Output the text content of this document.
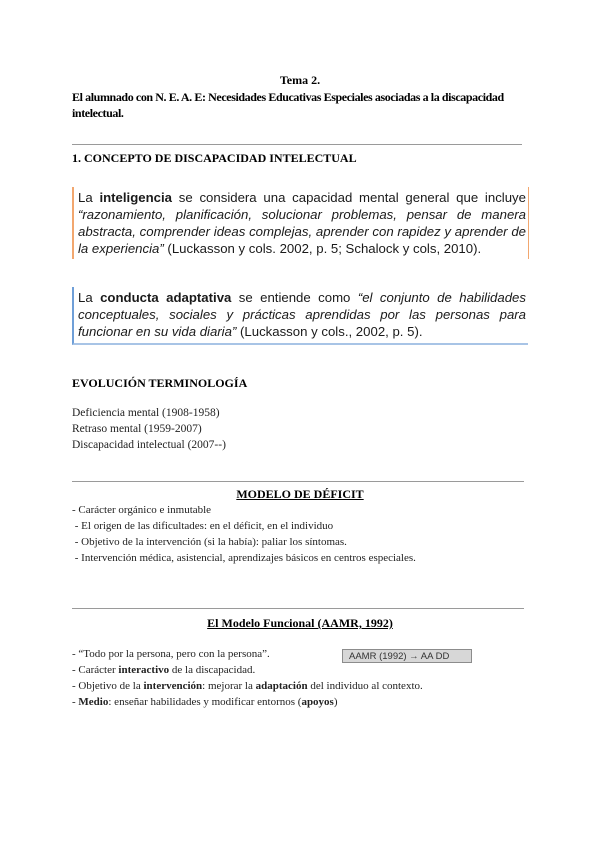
Tema 2.
El alumnado con N. E. A. E: Necesidades Educativas Especiales asociadas a la discapacidad intelectual.
1. CONCEPTO DE DISCAPACIDAD INTELECTUAL
La inteligencia se considera una capacidad mental general que incluye “razonamiento, planificación, solucionar problemas, pensar de manera abstracta, comprender ideas complejas, aprender con rapidez y aprender de la experiencia” (Luckasson y cols. 2002, p. 5; Schalock y cols, 2010).
La conducta adaptativa se entiende como “el conjunto de habilidades conceptuales, sociales y prácticas aprendidas por las personas para funcionar en su vida diaria” (Luckasson y cols., 2002, p. 5).
EVOLUCIÓN TERMINOLOGÍA
Deficiencia mental (1908-1958)
Retraso mental (1959-2007)
Discapacidad intelectual (2007--)
MODELO DE DÉFICIT
- Carácter orgánico e inmutable
- El origen de las dificultades: en el déficit, en el individuo
- Objetivo de la intervención (si la había): paliar los síntomas.
- Intervención médica, asistencial, aprendizajes básicos en centros especiales.
El Modelo Funcional (AAMR, 1992)
AAMR (1992) → AA DD
- “Todo por la persona, pero con la persona”.
- Carácter interactivo de la discapacidad.
- Objetivo de la intervención: mejorar la adaptación del individuo al contexto.
- Medio: enseñar habilidades y modificar entornos (apoyos)
